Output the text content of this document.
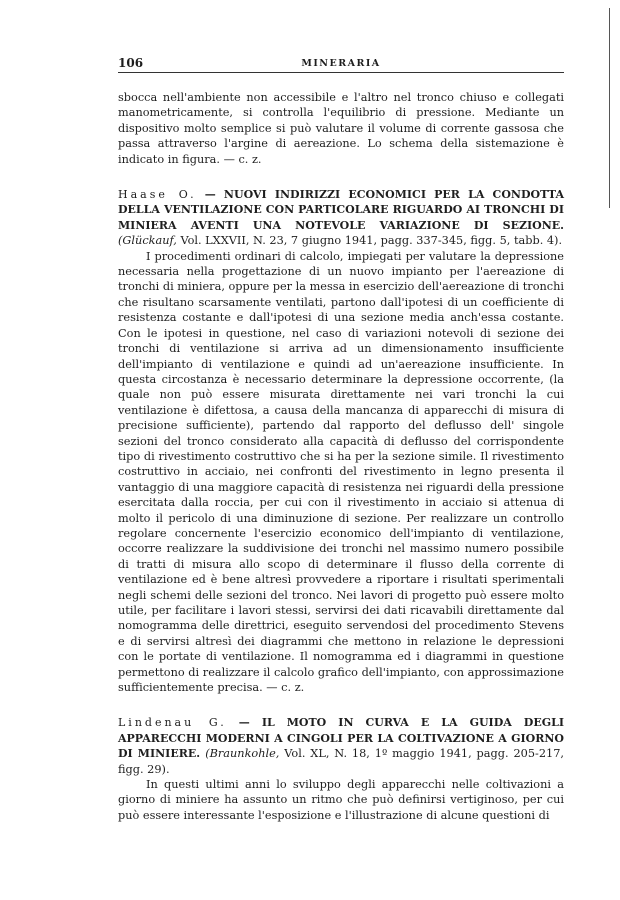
106	MINERARIA

sbocca nell'ambiente non accessibile e l'altro nel tronco chiuso e collegati manometricamente, si controlla l'equilibrio di pressione. Mediante un dispositivo molto semplice si può valutare il volume di corrente gassosa che passa attraverso l'argine di aereazione. Lo schema della sistemazione è indicato in figura. — c. z.

Haase O. — NUOVI INDIRIZZI ECONOMICI PER LA CONDOTTA DELLA VENTILAZIONE CON PARTICOLARE RIGUARDO AI TRONCHI DI MINIERA AVENTI UNA NOTEVOLE VARIAZIONE DI SEZIONE. (Glückauf, Vol. LXXVII, N. 23, 7 giugno 1941, pagg. 337-345, figg. 5, tabb. 4).

I procedimenti ordinari di calcolo, impiegati per valutare la depressione necessaria nella progettazione di un nuovo impianto per l'aereazione di tronchi di miniera, oppure per la messa in esercizio dell'aereazione di tronchi che risultano scarsamente ventilati, partono dall'ipotesi di un coefficiente di resistenza costante e dall'ipotesi di una sezione media anch'essa costante. Con le ipotesi in questione, nel caso di variazioni notevoli di sezione dei tronchi di ventilazione si arriva ad un dimensionamento insufficiente dell'impianto di ventilazione e quindi ad un'aereazione insufficiente. In questa circostanza è necessario determinare la depressione occorrente, (la quale non può essere misurata direttamente nei vari tronchi la cui ventilazione è difettosa, a causa della mancanza di apparecchi di misura di precisione sufficiente), partendo dal rapporto del deflusso dell' singole sezioni del tronco considerato alla capacità di deflusso del corrispondente tipo di rivestimento costruttivo che si ha per la sezione simile. Il rivestimento costruttivo in acciaio, nei confronti del rivestimento in legno presenta il vantaggio di una maggiore capacità di resistenza nei riguardi della pressione esercitata dalla roccia, per cui con il rivestimento in acciaio si attenua di molto il pericolo di una diminuzione di sezione. Per realizzare un controllo regolare concernente l'esercizio economico dell'impianto di ventilazione, occorre realizzare la suddivisione dei tronchi nel massimo numero possibile di tratti di misura allo scopo di determinare il flusso della corrente di ventilazione ed è bene altresì provvedere a riportare i risultati sperimentali negli schemi delle sezioni del tronco. Nei lavori di progetto può essere molto utile, per facilitare i lavori stessi, servirsi dei dati ricavabili direttamente dal nomogramma delle direttrici, eseguito servendosi del procedimento Stevens e di servirsi altresì dei diagrammi che mettono in relazione le depressioni con le portate di ventilazione. Il nomogramma ed i diagrammi in questione permettono di realizzare il calcolo grafico dell'impianto, con approssimazione sufficientemente precisa. — c. z.

Lindenau G. — IL MOTO IN CURVA E LA GUIDA DEGLI APPARECCHI MODERNI A CINGOLI PER LA COLTIVAZIONE A GIORNO DI MINIERE. (Braunkohle, Vol. XL, N. 18, 1º maggio 1941, pagg. 205-217, figg. 29).

In questi ultimi anni lo sviluppo degli apparecchi nelle coltivazioni a giorno di miniere ha assunto un ritmo che può definirsi vertiginoso, per cui può essere interessante l'esposizione e l'illustrazione di alcune questioni di
